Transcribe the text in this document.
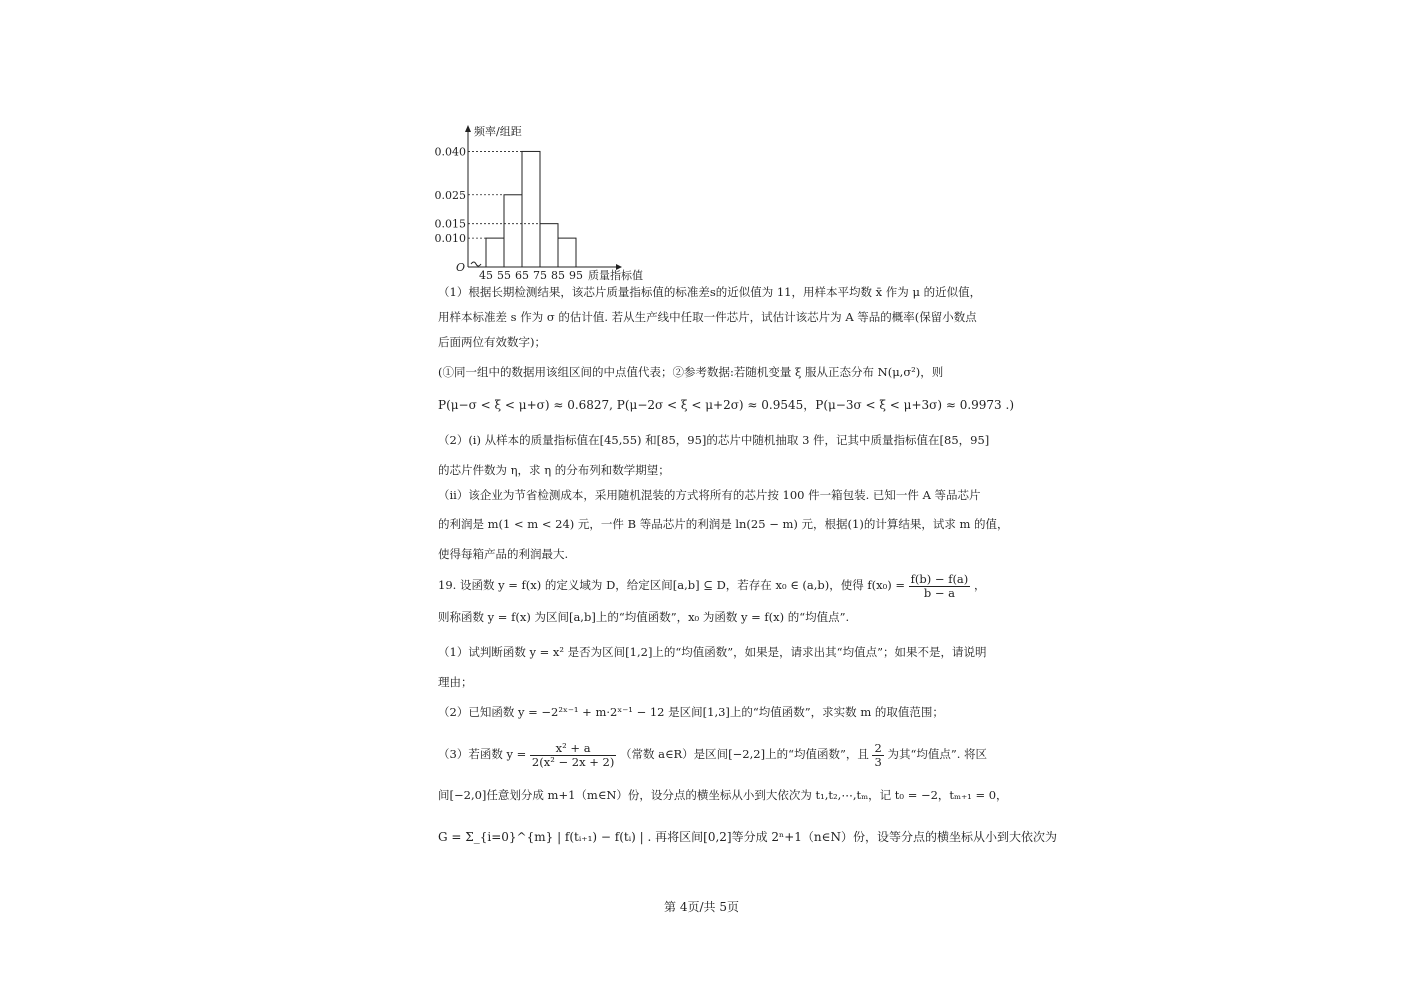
O
频率/组距
质量指标值
0.040
0.025
0.015
0.010
45 55 65 75 85 95
（1）根据长期检测结果，该芯片质量指标值的标准差s的近似值为 11，用样本平均数 x̄ 作为 μ 的近似值，
用样本标准差 s 作为 σ 的估计值. 若从生产线中任取一件芯片，试估计该芯片为 A 等品的概率(保留小数点
后面两位有效数字)；
(①同一组中的数据用该组区间的中点值代表；②参考数据:若随机变量 ξ 服从正态分布 N(μ,σ²)，则
P(μ−σ < ξ < μ+σ) ≈ 0.6827, P(μ−2σ < ξ < μ+2σ) ≈ 0.9545，P(μ−3σ < ξ < μ+3σ) ≈ 0.9973 .)
（2）(i) 从样本的质量指标值在[45,55) 和[85，95]的芯片中随机抽取 3 件，记其中质量指标值在[85，95]
的芯片件数为 η，求 η 的分布列和数学期望；
（ii）该企业为节省检测成本，采用随机混装的方式将所有的芯片按 100 件一箱包装. 已知一件 A 等品芯片
的利润是 m(1 < m < 24) 元，一件 B 等品芯片的利润是 ln(25 − m) 元，根据(1)的计算结果，试求 m 的值，
使得每箱产品的利润最大.
19. 设函数 y = f(x) 的定义域为 D，给定区间[a,b] ⊆ D，若存在 x₀ ∈ (a,b)，使得 $f(x_0) = \frac{f(b) - f(a)}{b - a}$ ，
则称函数 y = f(x) 为区间[a,b]上的“均值函数”，x₀ 为函数 y = f(x) 的“均值点”.
（1）试判断函数 y = x² 是否为区间[1,2]上的“均值函数”，如果是，请求出其“均值点”；如果不是，请说明
理由；
（2）已知函数 y = −2²ˣ⁻¹ + m·2ˣ⁻¹ − 12 是区间[1,3]上的“均值函数”，求实数 m 的取值范围；
（3）若函数 $y = \frac{\text{x² + a}}{\text{2(x² − 2x + 2)}}$ （常数 a∈R）是区间[−2,2]上的“均值函数”，且 $\frac{2}{3}$ 为其“均值点”. 将区
间[−2,0]任意划分成 m+1（m∈N）份，设分点的横坐标从小到大依次为 t₁,t₂,⋯,tₘ，记 t₀ = −2，tₘ₊₁ = 0，
G = Σ_{i=0}^{m} | f(tᵢ₊₁) − f(tᵢ) | . 再将区间[0,2]等分成 2ⁿ+1（n∈N）份，设等分点的横坐标从小到大依次为
第 4页/共 5页
